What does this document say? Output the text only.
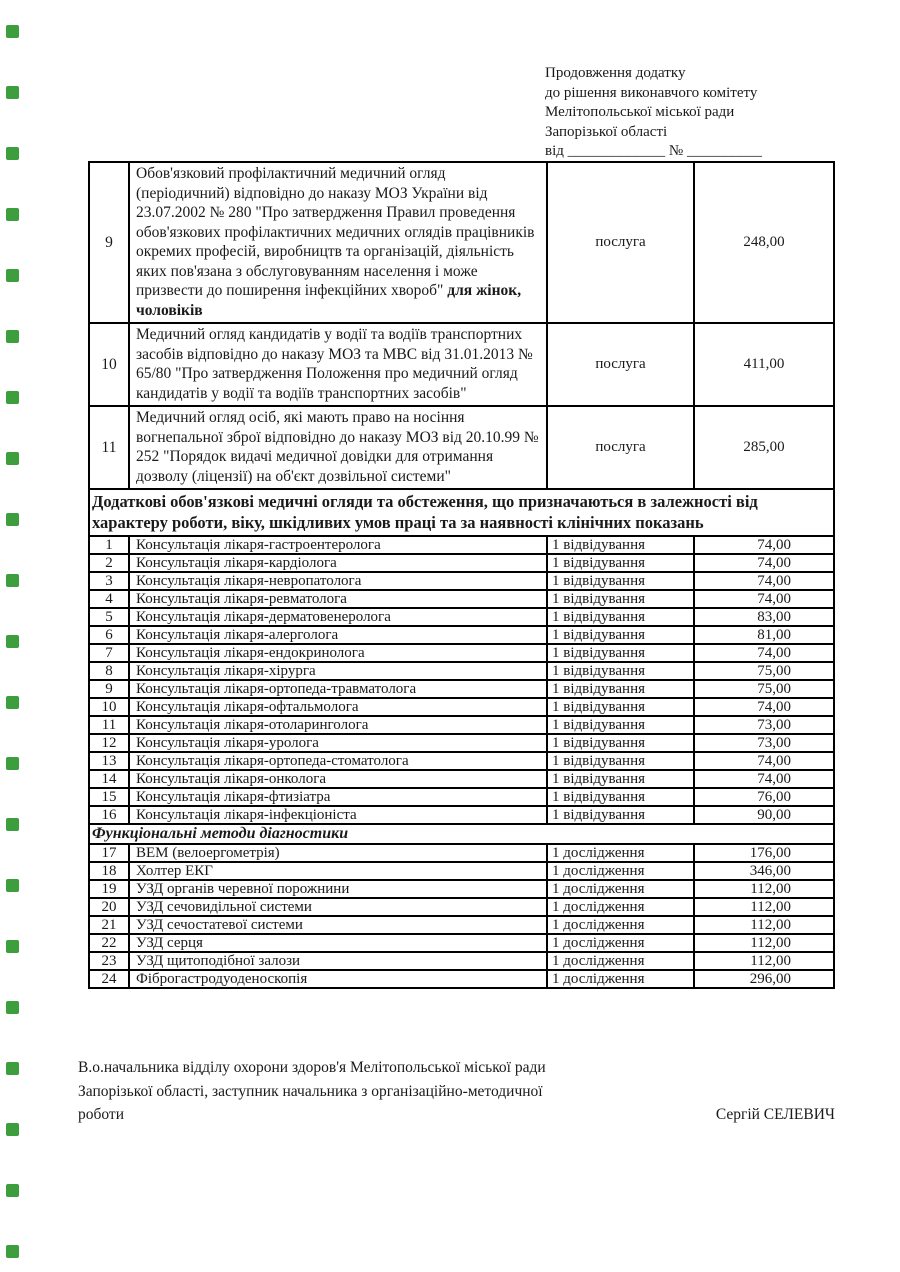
Продовження додатку
до рішення виконавчого комітету
Мелітопольської міської ради
Запорізької області
від _____________ № __________
9	Обов'язковий профілактичний медичний огляд (періодичний) відповідно до наказу МОЗ України від 23.07.2002 № 280 "Про затвердження Правил проведення обов'язкових профілактичних медичних оглядів працівників окремих професій, виробництв та організацій, діяльність яких пов'язана з обслуговуванням населення і може призвести до поширення інфекційних хвороб" для жінок, чоловіків	послуга	248,00
10	Медичний огляд кандидатів у водії та водіїв транспортних засобів відповідно до наказу МОЗ та МВС від 31.01.2013 № 65/80 "Про затвердження Положення про медичний огляд кандидатів у водії та водіїв транспортних засобів"	послуга	411,00
11	Медичний огляд осіб, які мають право на носіння вогнепальної зброї відповідно до наказу МОЗ від 20.10.99 № 252 "Порядок видачі медичної довідки для отримання дозволу (ліцензії) на об'єкт дозвільної системи"	послуга	285,00
Додаткові обов'язкові медичні огляди та обстеження, що призначаються в залежності від характеру роботи, віку, шкідливих умов праці та за наявності клінічних показань			
1	Консультація лікаря-гастроентеролога	1 відвідування	74,00
2	Консультація лікаря-кардіолога	1 відвідування	74,00
3	Консультація лікаря-невропатолога	1 відвідування	74,00
4	Консультація лікаря-ревматолога	1 відвідування	74,00
5	Консультація лікаря-дерматовенеролога	1 відвідування	83,00
6	Консультація лікаря-алерголога	1 відвідування	81,00
7	Консультація лікаря-ендокринолога	1 відвідування	74,00
8	Консультація лікаря-хірурга	1 відвідування	75,00
9	Консультація лікаря-ортопеда-травматолога	1 відвідування	75,00
10	Консультація лікаря-офтальмолога	1 відвідування	74,00
11	Консультація лікаря-отоларинголога	1 відвідування	73,00
12	Консультація лікаря-уролога	1 відвідування	73,00
13	Консультація лікаря-ортопеда-стоматолога	1 відвідування	74,00
14	Консультація лікаря-онколога	1 відвідування	74,00
15	Консультація лікаря-фтизіатра	1 відвідування	76,00
16	Консультація лікаря-інфекціоніста	1 відвідування	90,00
Функціональні методи діагностики			
17	ВЕМ (велоергометрія)	1 дослідження	176,00
18	Холтер ЕКГ	1 дослідження	346,00
19	УЗД органів черевної порожнини	1 дослідження	112,00
20	УЗД сечовидільної системи	1 дослідження	112,00
21	УЗД сечостатевої системи	1 дослідження	112,00
22	УЗД серця	1 дослідження	112,00
23	УЗД щитоподібної залози	1 дослідження	112,00
24	Фіброгастродуоденоскопія	1 дослідження	296,00
В.о.начальника відділу охорони здоров'я Мелітопольської міської ради Запорізької області, заступник начальника з організаційно-методичної роботи	Сергій СЕЛЕВИЧ
